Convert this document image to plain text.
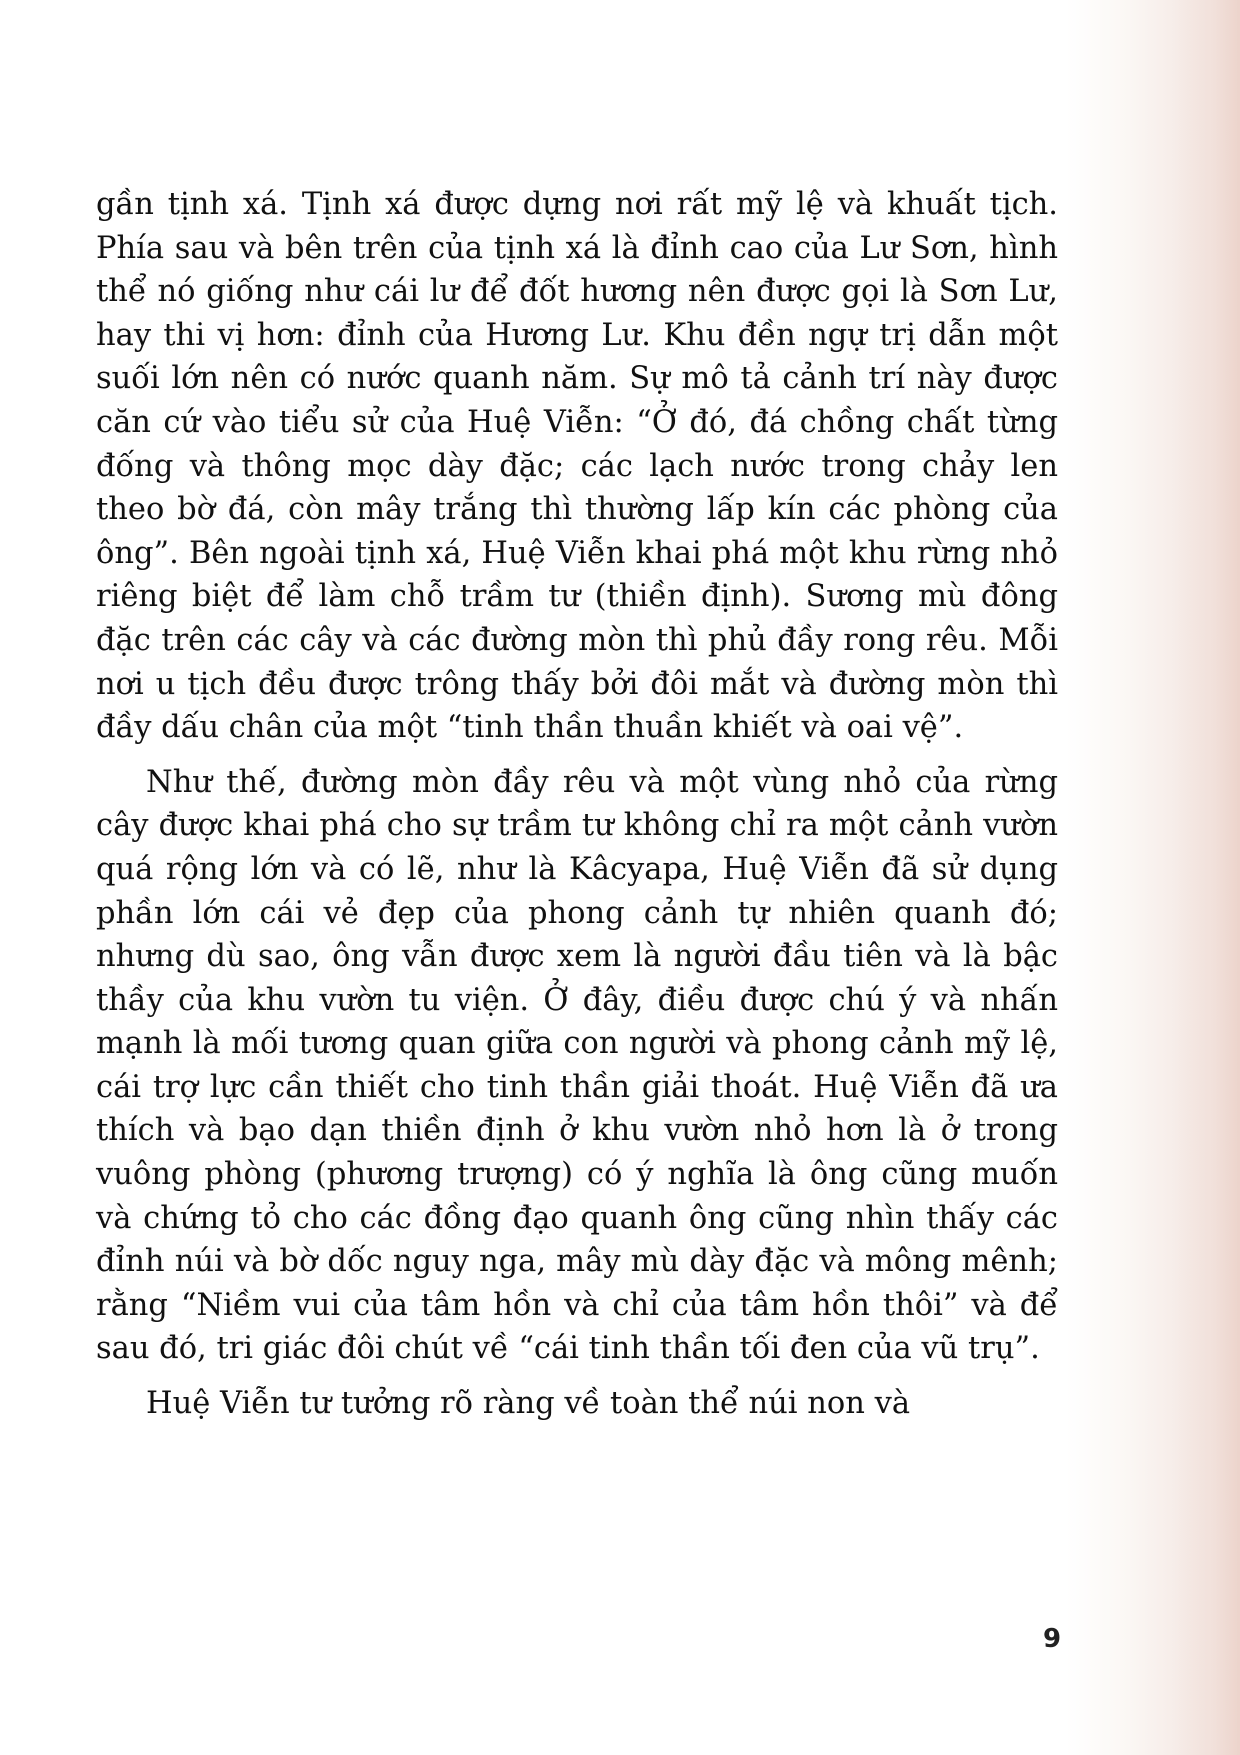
gần tịnh xá. Tịnh xá được dựng nơi rất mỹ lệ và khuất tịch. Phía sau và bên trên của tịnh xá là đỉnh cao của Lư Sơn, hình thể nó giống như cái lư để đốt hương nên được gọi là Sơn Lư, hay thi vị hơn: đỉnh của Hương Lư. Khu đền ngự trị dẫn một suối lớn nên có nước quanh năm. Sự mô tả cảnh trí này được căn cứ vào tiểu sử của Huệ Viễn: “Ở đó, đá chồng chất từng đống và thông mọc dày đặc; các lạch nước trong chảy len theo bờ đá, còn mây trắng thì thường lấp kín các phòng của ông”. Bên ngoài tịnh xá, Huệ Viễn khai phá một khu rừng nhỏ riêng biệt để làm chỗ trầm tư (thiền định). Sương mù đông đặc trên các cây và các đường mòn thì phủ đầy rong rêu. Mỗi nơi u tịch đều được trông thấy bởi đôi mắt và đường mòn thì đầy dấu chân của một “tinh thần thuần khiết và oai vệ”.

Như thế, đường mòn đầy rêu và một vùng nhỏ của rừng cây được khai phá cho sự trầm tư không chỉ ra một cảnh vườn quá rộng lớn và có lẽ, như là Kâcyapa, Huệ Viễn đã sử dụng phần lớn cái vẻ đẹp của phong cảnh tự nhiên quanh đó; nhưng dù sao, ông vẫn được xem là người đầu tiên và là bậc thầy của khu vườn tu viện. Ở đây, điều được chú ý và nhấn mạnh là mối tương quan giữa con người và phong cảnh mỹ lệ, cái trợ lực cần thiết cho tinh thần giải thoát. Huệ Viễn đã ưa thích và bạo dạn thiền định ở khu vườn nhỏ hơn là ở trong vuông phòng (phương trượng) có ý nghĩa là ông cũng muốn và chứng tỏ cho các đồng đạo quanh ông cũng nhìn thấy các đỉnh núi và bờ dốc nguy nga, mây mù dày đặc và mông mênh; rằng “Niềm vui của tâm hồn và chỉ của tâm hồn thôi” và để sau đó, tri giác đôi chút về “cái tinh thần tối đen của vũ trụ”.

Huệ Viễn tư tưởng rõ ràng về toàn thể núi non và

9
